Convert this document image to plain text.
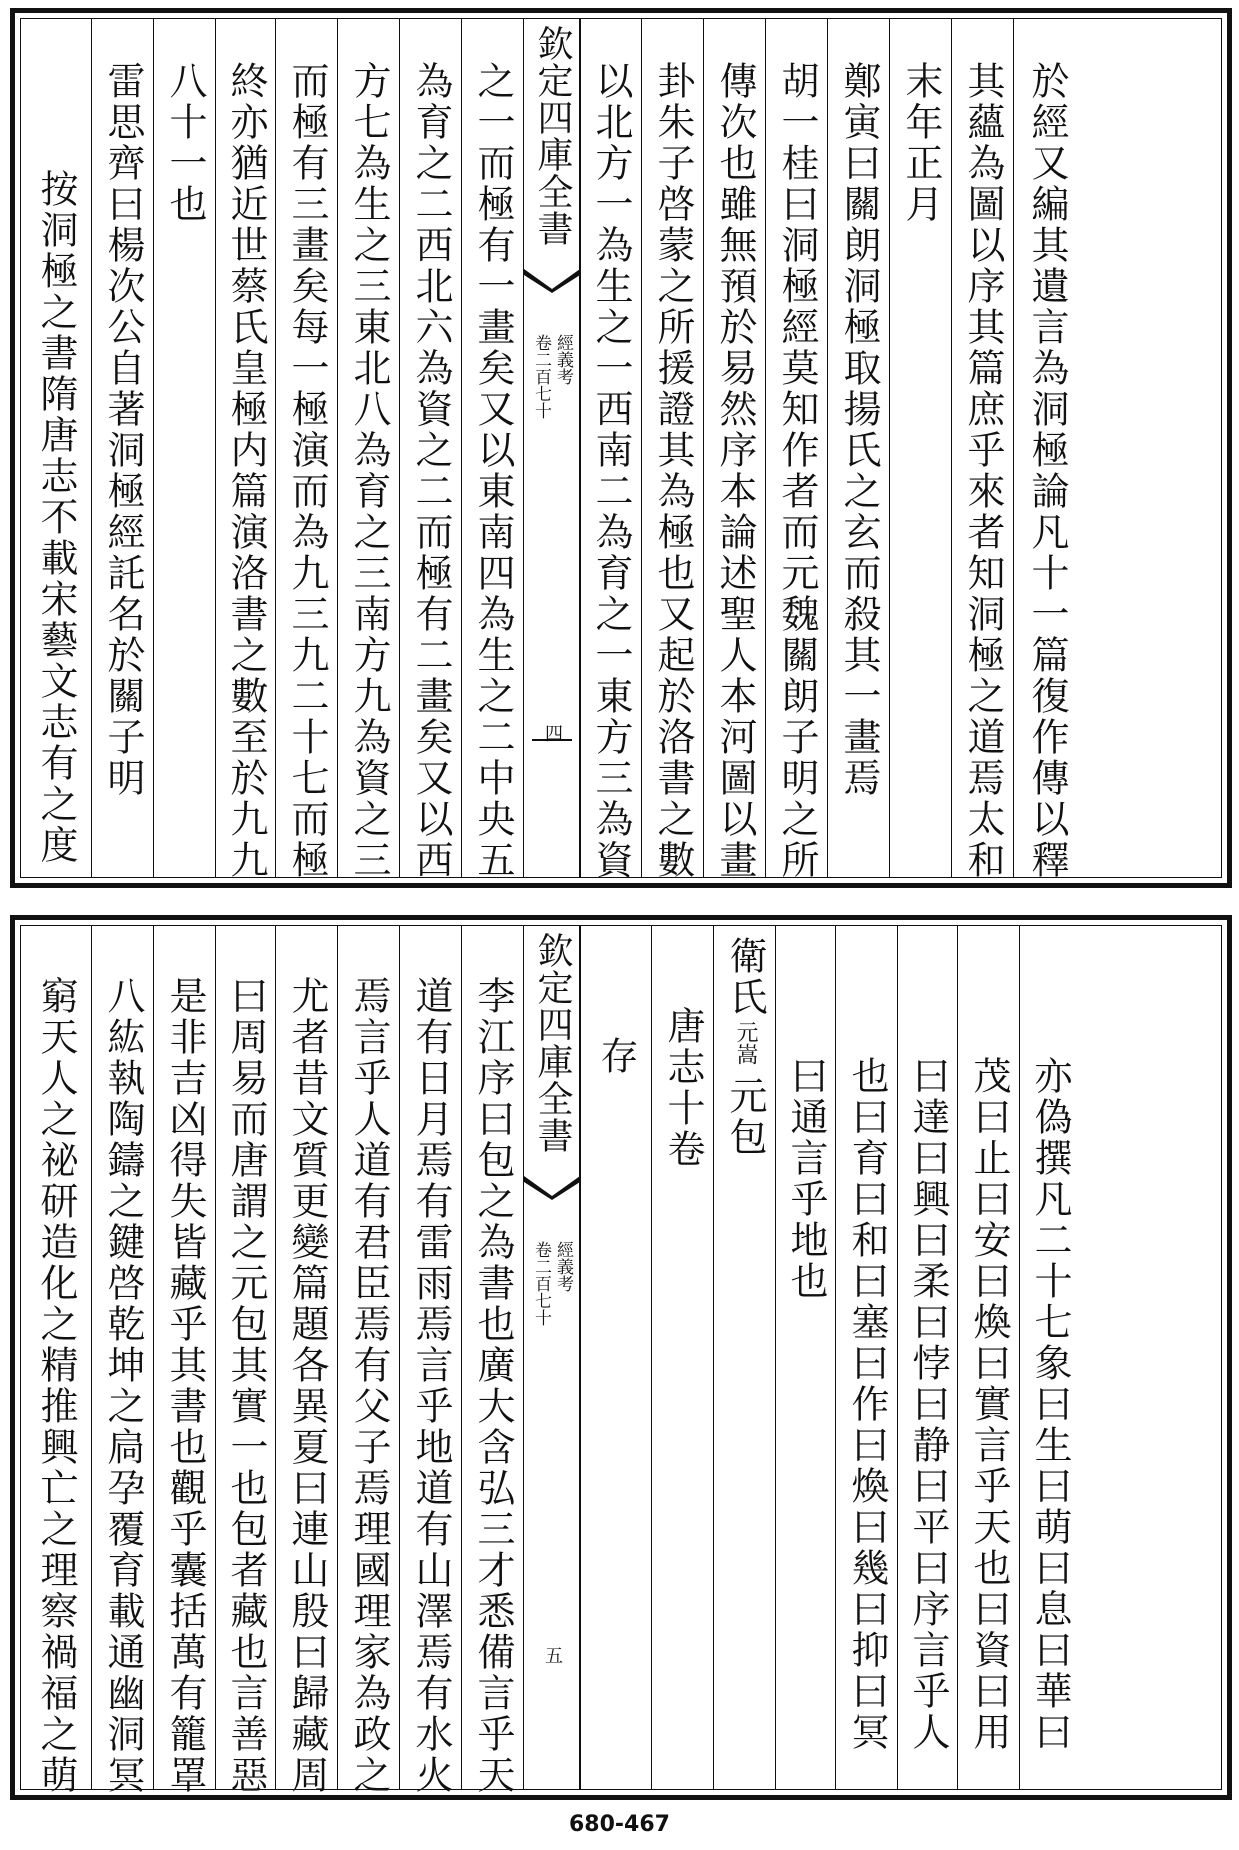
按洞極之書隋唐志不載宋藝文志有之度 雷思齊曰楊次公自著洞極經託名於關子明 八十一也 終亦猶近世蔡氏皇極内篇演洛書之數至於九九 而極有三畫矣每一極演而為九三九二十七而極 方七為生之三東北八為育之三南方九為資之三 為育之二西北六為資之二而極有二畫矣又以西 之一而極有一畫矣又以東南四為生之二中央五 欽定四庫全書
經義考
卷二百七十
四 以北方一為生之一西南二為育之一東方三為資 卦朱子啓蒙之所援證其為極也又起於洛書之數 傳次也雖無預於易然序本論述聖人本河圖以畫 胡一桂曰洞極經莫知作者而元魏關朗子明之所 鄭寅曰關朗洞極取揚氏之玄而殺其一畫焉 末年正月 其蘊為圖以序其篇庶乎來者知洞極之道焉太和 於經又編其遺言為洞極論凡十一篇復作傳以釋
窮天人之祕研造化之精推興亡之理察禍福之萌 八紘執陶鑄之鍵啓乾坤之扃孕覆育載通幽洞冥 是非吉凶得失皆藏乎其書也觀乎囊括萬有籠罩 曰周易而唐謂之元包其實一也包者藏也言善惡 尤者昔文質更變篇題各異夏曰連山殷曰歸藏周 焉言乎人道有君臣焉有父子焉理國理家為政之 道有日月焉有雷雨焉言乎地道有山澤焉有水火 李江序曰包之為書也廣大含弘三才悉備言乎天 欽定四庫全書
經義考
卷二百七十
五
存 唐志十卷
衛氏
元嵩
元包 曰通言乎地也 也曰育曰和曰塞曰作曰煥曰幾曰抑曰冥 曰達曰興曰柔曰悖曰静曰平曰序言乎人 茂曰止曰安曰煥曰實言乎天也曰資曰用 亦偽撰凡二十七象曰生曰萌曰息曰華曰
680-467
